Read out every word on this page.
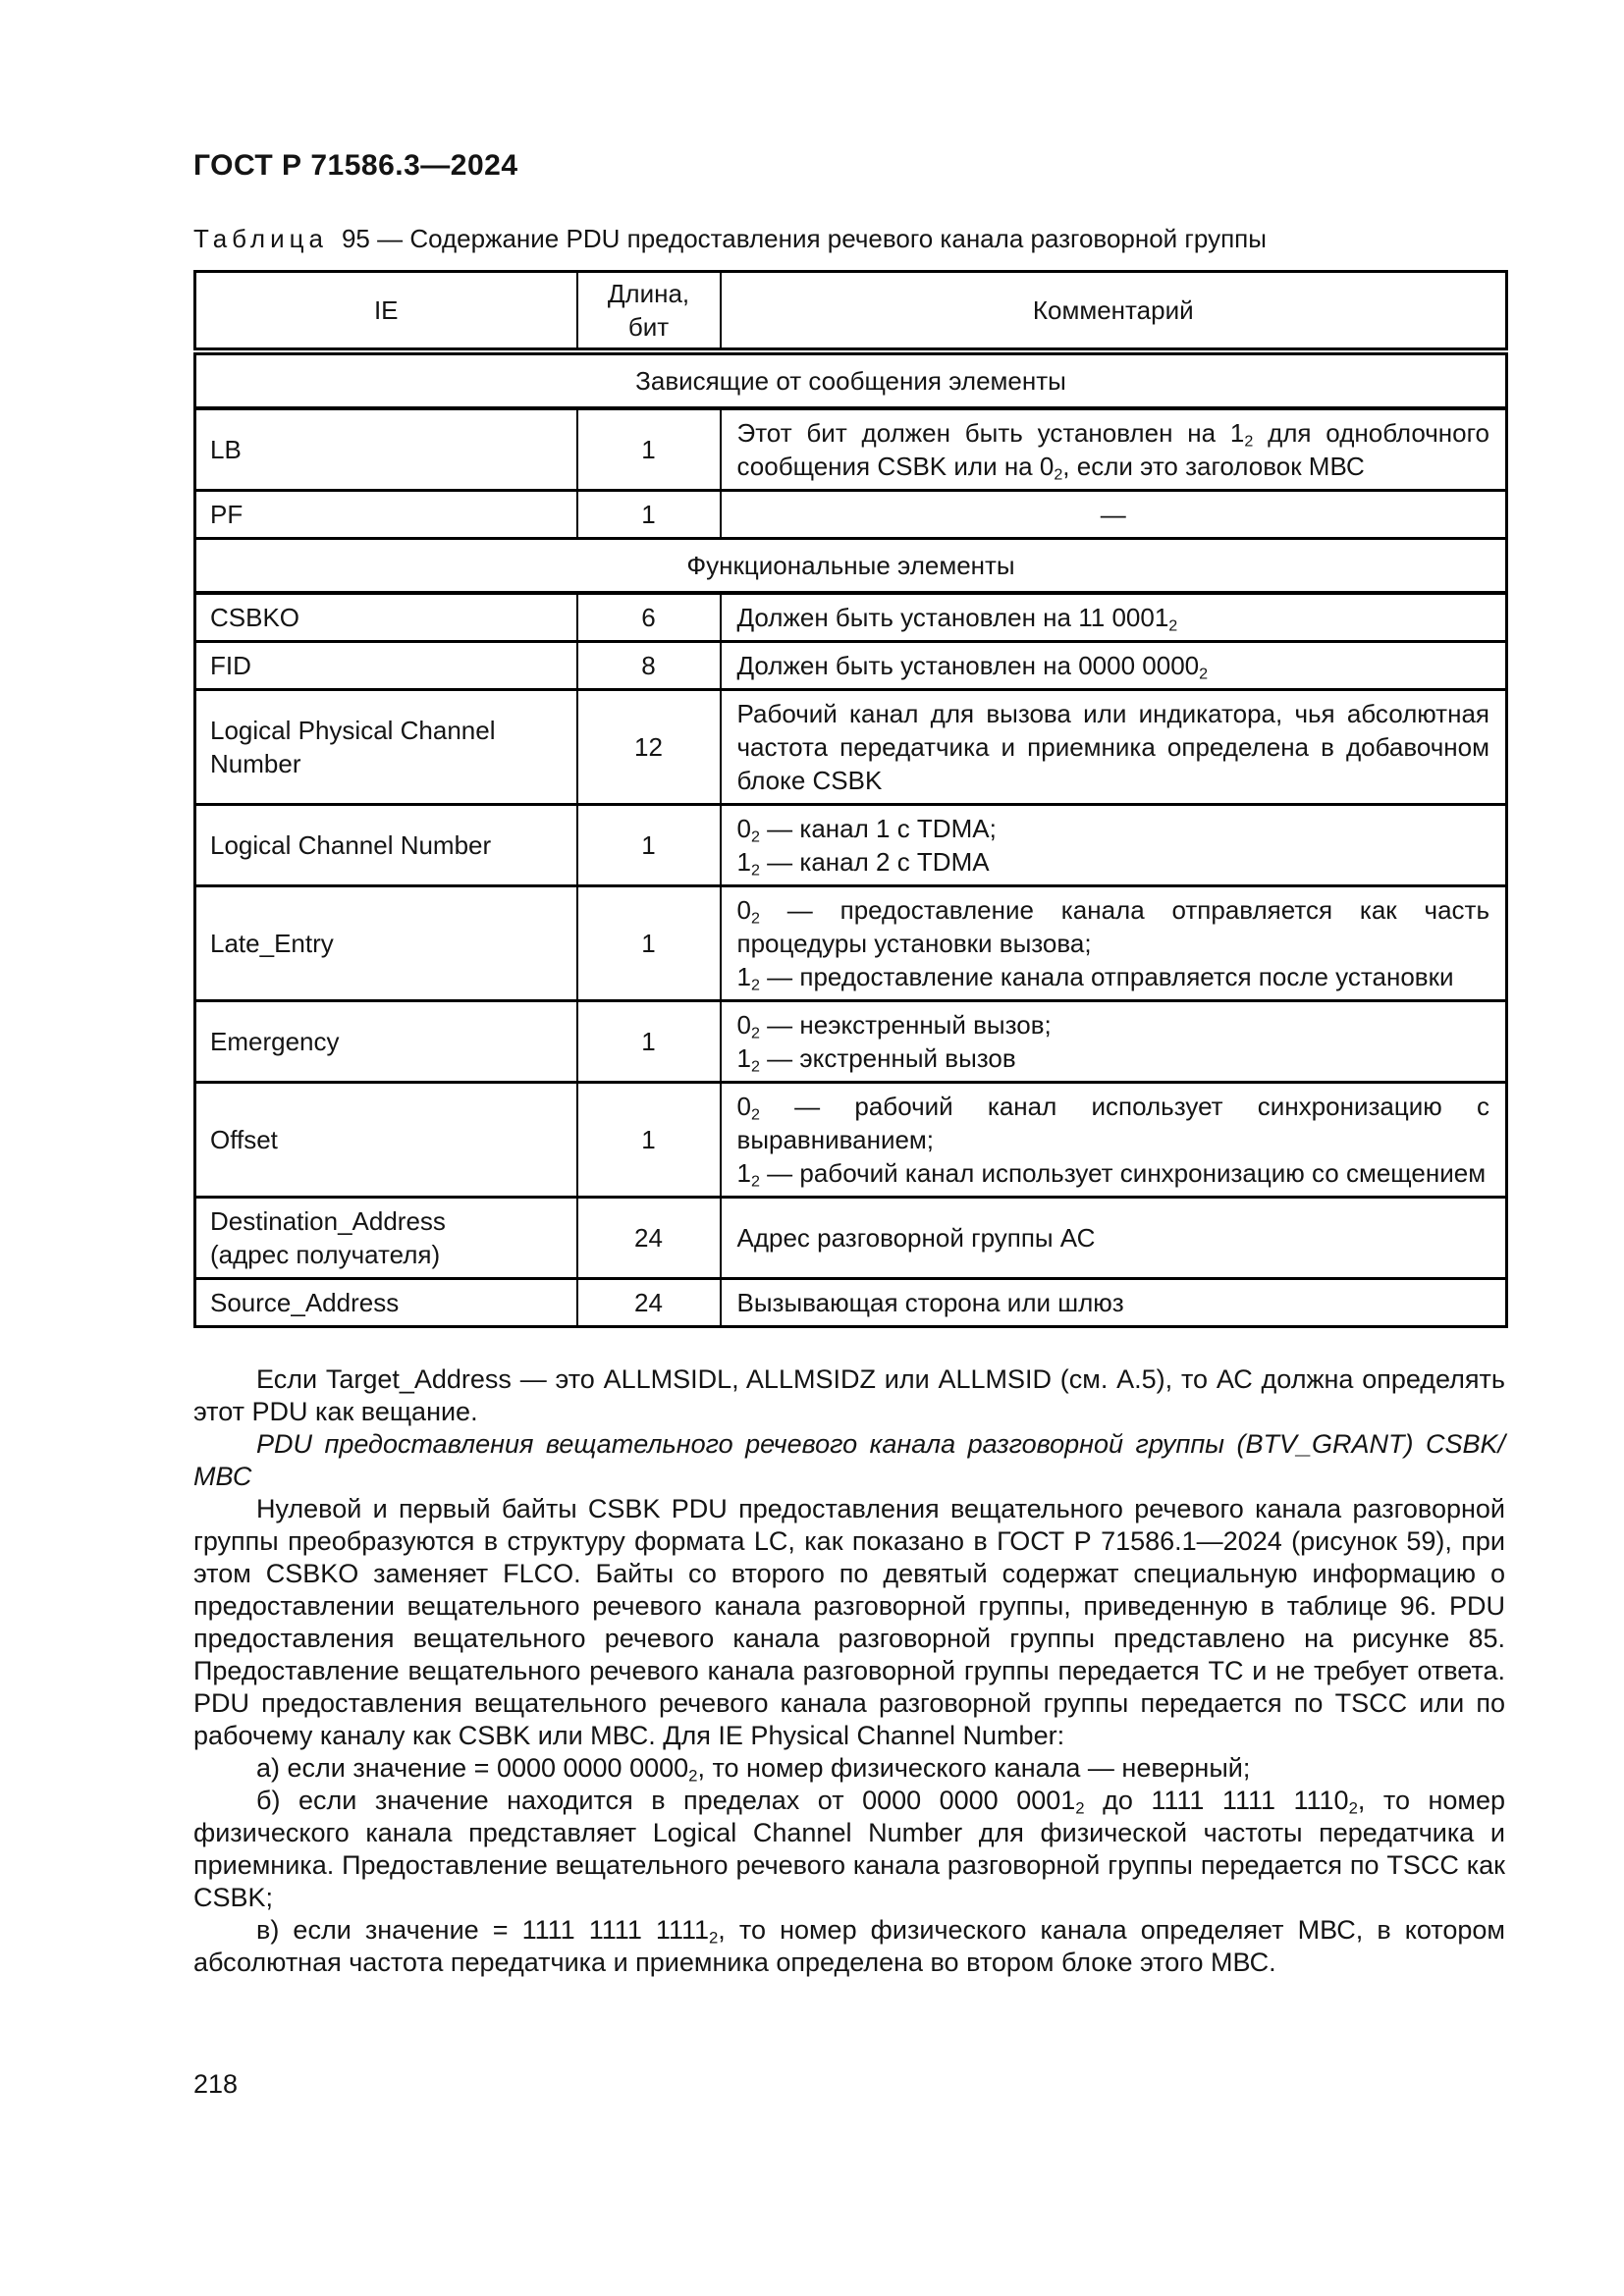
ГОСТ Р 71586.3—2024
Таблица 95 — Содержание PDU предоставления речевого канала разговорной группы
IE	Длина, бит	Комментарий
Зависящие от сообщения элементы		
LB	1	Этот бит должен быть установлен на $1_2$ для одноблочного сообщения CSBK или на $0_2$, если это заголовок МВС
PF	1	—
Функциональные элементы		
CSBKO	6	Должен быть установлен на 11 $0001_2$
FID	8	Должен быть установлен на 0000 $0000_2$
Logical Physical Channel Number	12	Рабочий канал для вызова или индикатора, чья абсолютная частота передатчика и приемника определена в добавочном блоке CSBK
Logical Channel Number	1	$0_2$ — канал 1 с TDMA;
$1_2$ — канал 2 с TDMA
Late_Entry	1	$0_2$ — предоставление канала отправляется как часть процедуры установки вызова;
$1_2$ — предоставление канала отправляется после установки
Emergency	1	$0_2$ — неэкстренный вызов;
$1_2$ — экстренный вызов
Offset	1	$0_2$ — рабочий канал использует синхронизацию с выравниванием;
$1_2$ — рабочий канал использует синхронизацию со смещением
Destination_Address
(адрес получателя)	24	Адрес разговорной группы АС
Source_Address	24	Вызывающая сторона или шлюз

Если Target_Address — это ALLMSIDL, ALLMSIDZ или ALLMSID (см. А.5), то АС должна определять этот PDU как вещание.

PDU предоставления вещательного речевого канала разговорной группы (BTV_GRANT) CSBK/МВС

Нулевой и первый байты CSBK PDU предоставления вещательного речевого канала разговорной группы преобразуются в структуру формата LC, как показано в ГОСТ Р 71586.1—2024 (рисунок 59), при этом CSBKO заменяет FLCO. Байты со второго по девятый содержат специальную информацию о предоставлении вещательного речевого канала разговорной группы, приведенную в таблице 96. PDU предоставления вещательного речевого канала разговорной группы представлено на рисунке 85. Предоставление вещательного речевого канала разговорной группы передается ТС и не требует ответа. PDU предоставления вещательного речевого канала разговорной группы передается по TSCC или по рабочему каналу как CSBK или МВС. Для IE Physical Channel Number:

а) если значение = 0000 0000 $0000_2$, то номер физического канала — неверный;

б) если значение находится в пределах от 0000 0000 $0001_2$ до 1111 1111 $1110_2$, то номер физического канала представляет Logical Channel Number для физической частоты передатчика и приемника. Предоставление вещательного речевого канала разговорной группы передается по TSCC как CSBK;

в) если значение = 1111 1111 $1111_2$, то номер физического канала определяет МВС, в котором абсолютная частота передатчика и приемника определена во втором блоке этого МВС.

218
